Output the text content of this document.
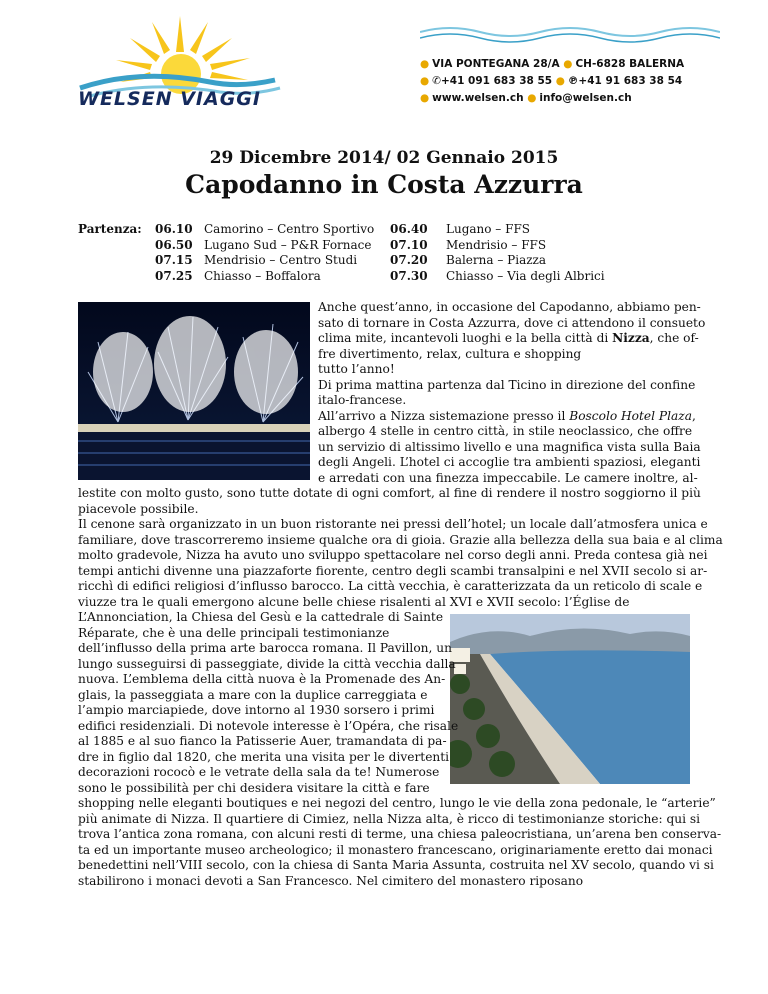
WELSEN VIAGGI
● VIA PONTEGANA 28/A ● CH-6828 BALERNA
● ✆+41 091 683 38 55 ● ℗+41 91 683 38 54
● www.welsen.ch ● info@welsen.ch
29 Dicembre 2014/ 02 Gennaio 2015
Capodanno in Costa Azzurra
Partenza: 06.10
06.50
07.15
07.25
Camorino – Centro Sportivo
Lugano Sud – P&R Fornace
Mendrisio – Centro Studi
Chiasso – Boffalora
06.40
07.10
07.20
07.30
Lugano – FFS
Mendrisio – FFS
Balerna – Piazza
Chiasso – Via degli Albrici
Anche quest’anno, in occasione del Capodanno, abbiamo pen-
sato di tornare in Costa Azzurra, dove ci attendono il consueto
clima mite, incantevoli luoghi e la bella città di Nizza, che of-
fre divertimento, relax, cultura e shopping
tutto l’anno!
Di prima mattina partenza dal Ticino in direzione del confine
italo-francese.
All’arrivo a Nizza sistemazione presso il Boscolo Hotel Plaza,
albergo 4 stelle in centro città, in stile neoclassico, che offre
un servizio di altissimo livello e una magnifica vista sulla Baia
degli Angeli. L’hotel ci accoglie tra ambienti spaziosi, eleganti
e arredati con una finezza impeccabile. Le camere inoltre, al-
lestite con molto gusto, sono tutte dotate di ogni comfort, al fine di rendere il nostro soggiorno il più
piacevole possibile.
Il cenone sarà organizzato in un buon ristorante nei pressi dell’hotel; un locale dall’atmosfera unica e
familiare, dove trascorreremo insieme qualche ora di gioia. Grazie alla bellezza della sua baia e al clima
molto gradevole, Nizza ha avuto uno sviluppo spettacolare nel corso degli anni. Preda contesa già nei
tempi antichi divenne una piazzaforte fiorente, centro degli scambi transalpini e nel XVII secolo si ar-
ricchì di edifici religiosi d’influsso barocco. La città vecchia, è caratterizzata da un reticolo di scale e
viuzze tra le quali emergono alcune belle chiese risalenti al XVI e XVII secolo: l’Église de
L’Annonciation, la Chiesa del Gesù e la cattedrale di Sainte
Réparate, che è una delle principali testimonianze
dell’influsso della prima arte barocca romana. Il Pavillon, un
lungo susseguirsi di passeggiate, divide la città vecchia dalla
nuova. L’emblema della città nuova è la Promenade des An-
glais, la passeggiata a mare con la duplice carreggiata e
l’ampio marciapiede, dove intorno al 1930 sorsero i primi
edifici residenziali. Di notevole interesse è l’Opéra, che risale
al 1885 e al suo fianco la Patisserie Auer, tramandata di pa-
dre in figlio dal 1820, che merita una visita per le divertenti
decorazioni rococò e le vetrate della sala da te! Numerose
sono le possibilità per chi desidera visitare la città e fare
shopping nelle eleganti boutiques e nei negozi del centro, lungo le vie della zona pedonale, le “arterie”
più animate di Nizza. Il quartiere di Cimiez, nella Nizza alta, è ricco di testimonianze storiche: qui si
trova l’antica zona romana, con alcuni resti di terme, una chiesa paleocristiana, un’arena ben conserva-
ta ed un importante museo archeologico; il monastero francescano, originariamente eretto dai monaci
benedettini nell’VIII secolo, con la chiesa di Santa Maria Assunta, costruita nel XV secolo, quando vi si
stabilirono i monaci devoti a San Francesco. Nel cimitero del monastero riposano
